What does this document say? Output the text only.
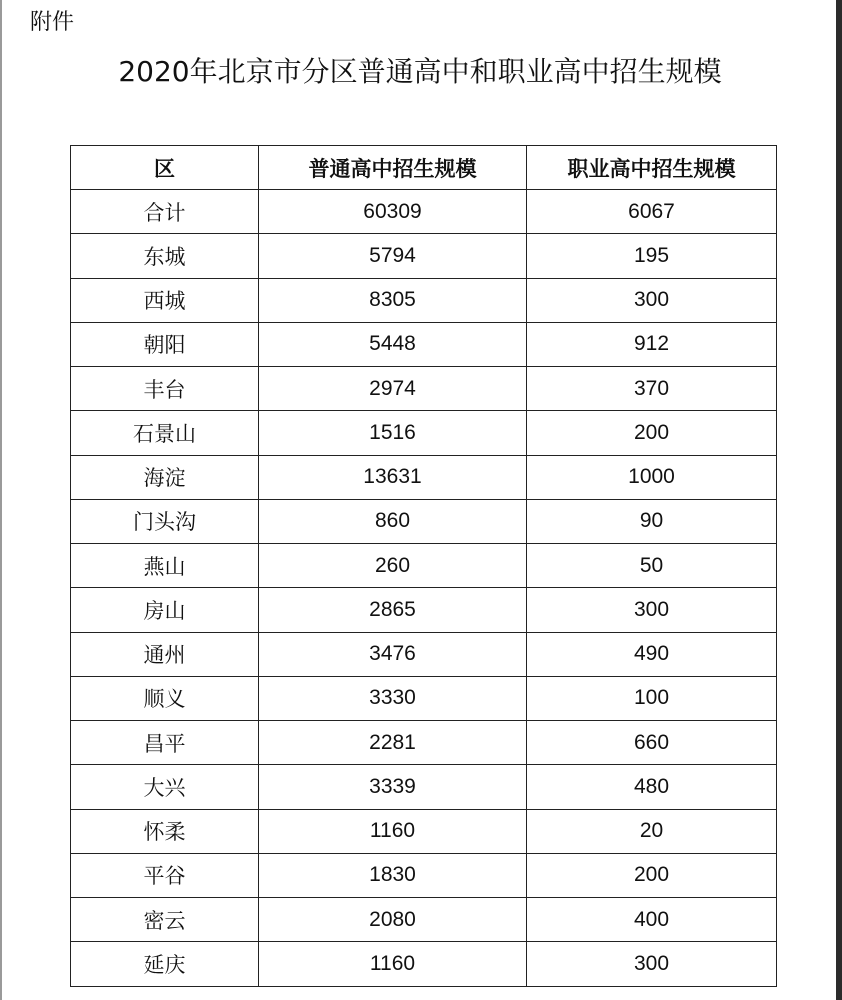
附件
2020年北京市分区普通高中和职业高中招生规模
区	普通高中招生规模	职业高中招生规模
合计	60309	6067
东城	5794	195
西城	8305	300
朝阳	5448	912
丰台	2974	370
石景山	1516	200
海淀	13631	1000
门头沟	860	90
燕山	260	50
房山	2865	300
通州	3476	490
顺义	3330	100
昌平	2281	660
大兴	3339	480
怀柔	1160	20
平谷	1830	200
密云	2080	400
延庆	1160	300
